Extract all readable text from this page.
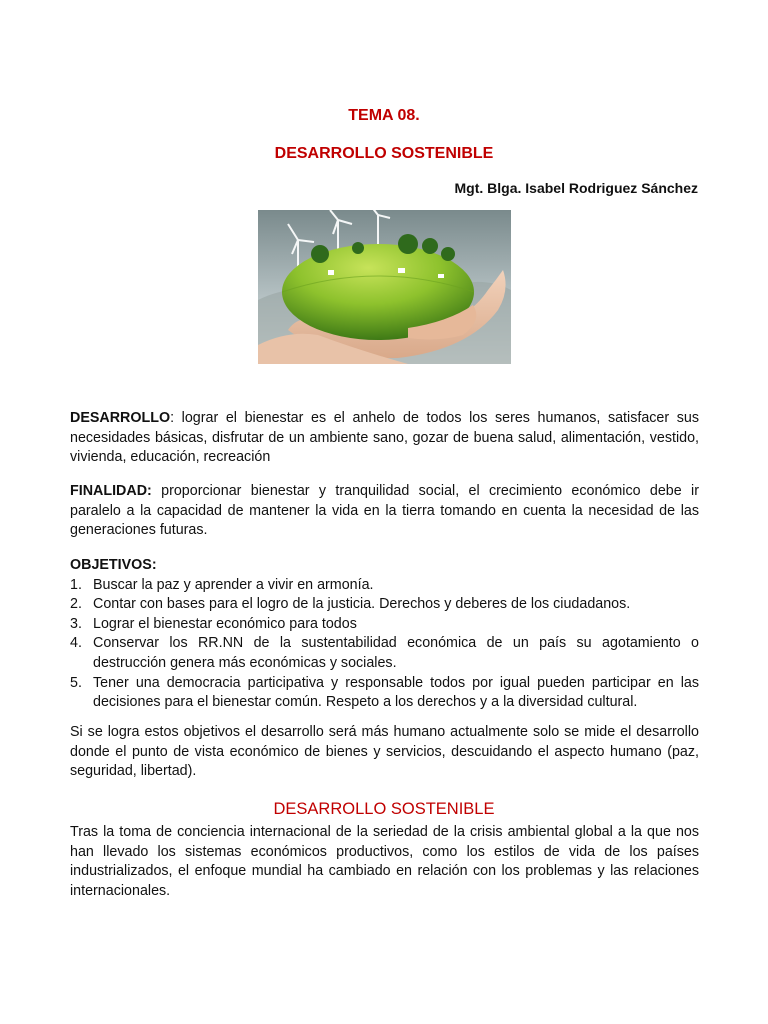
TEMA 08.
DESARROLLO SOSTENIBLE
Mgt. Blga. Isabel Rodriguez Sánchez

DESARROLLO: lograr el bienestar es el anhelo de todos los seres humanos, satisfacer sus necesidades básicas, disfrutar de un ambiente sano, gozar de buena salud, alimentación, vestido, vivienda, educación, recreación

FINALIDAD: proporcionar bienestar y tranquilidad social, el crecimiento económico debe ir paralelo a la capacidad de mantener la vida en la tierra tomando en cuenta la necesidad de las generaciones futuras.

OBJETIVOS:
1. Buscar la paz y aprender a vivir en armonía.
2. Contar con bases para el logro de la justicia. Derechos y deberes de los ciudadanos.
3. Lograr el bienestar económico para todos
4. Conservar los RR.NN de la sustentabilidad económica de un país su agotamiento o destrucción genera más económicas y sociales.
5. Tener una democracia participativa y responsable todos por igual pueden participar en las decisiones para el bienestar común. Respeto a los derechos y a la diversidad cultural.

Si se logra estos objetivos el desarrollo será más humano actualmente solo se mide el desarrollo donde el punto de vista económico de bienes y servicios, descuidando el aspecto humano (paz, seguridad, libertad).

DESARROLLO SOSTENIBLE

Tras la toma de conciencia internacional de la seriedad de la crisis ambiental global a la que nos han llevado los sistemas económicos productivos, como los estilos de vida de los países industrializados, el enfoque mundial ha cambiado en relación con los problemas y las relaciones internacionales.
